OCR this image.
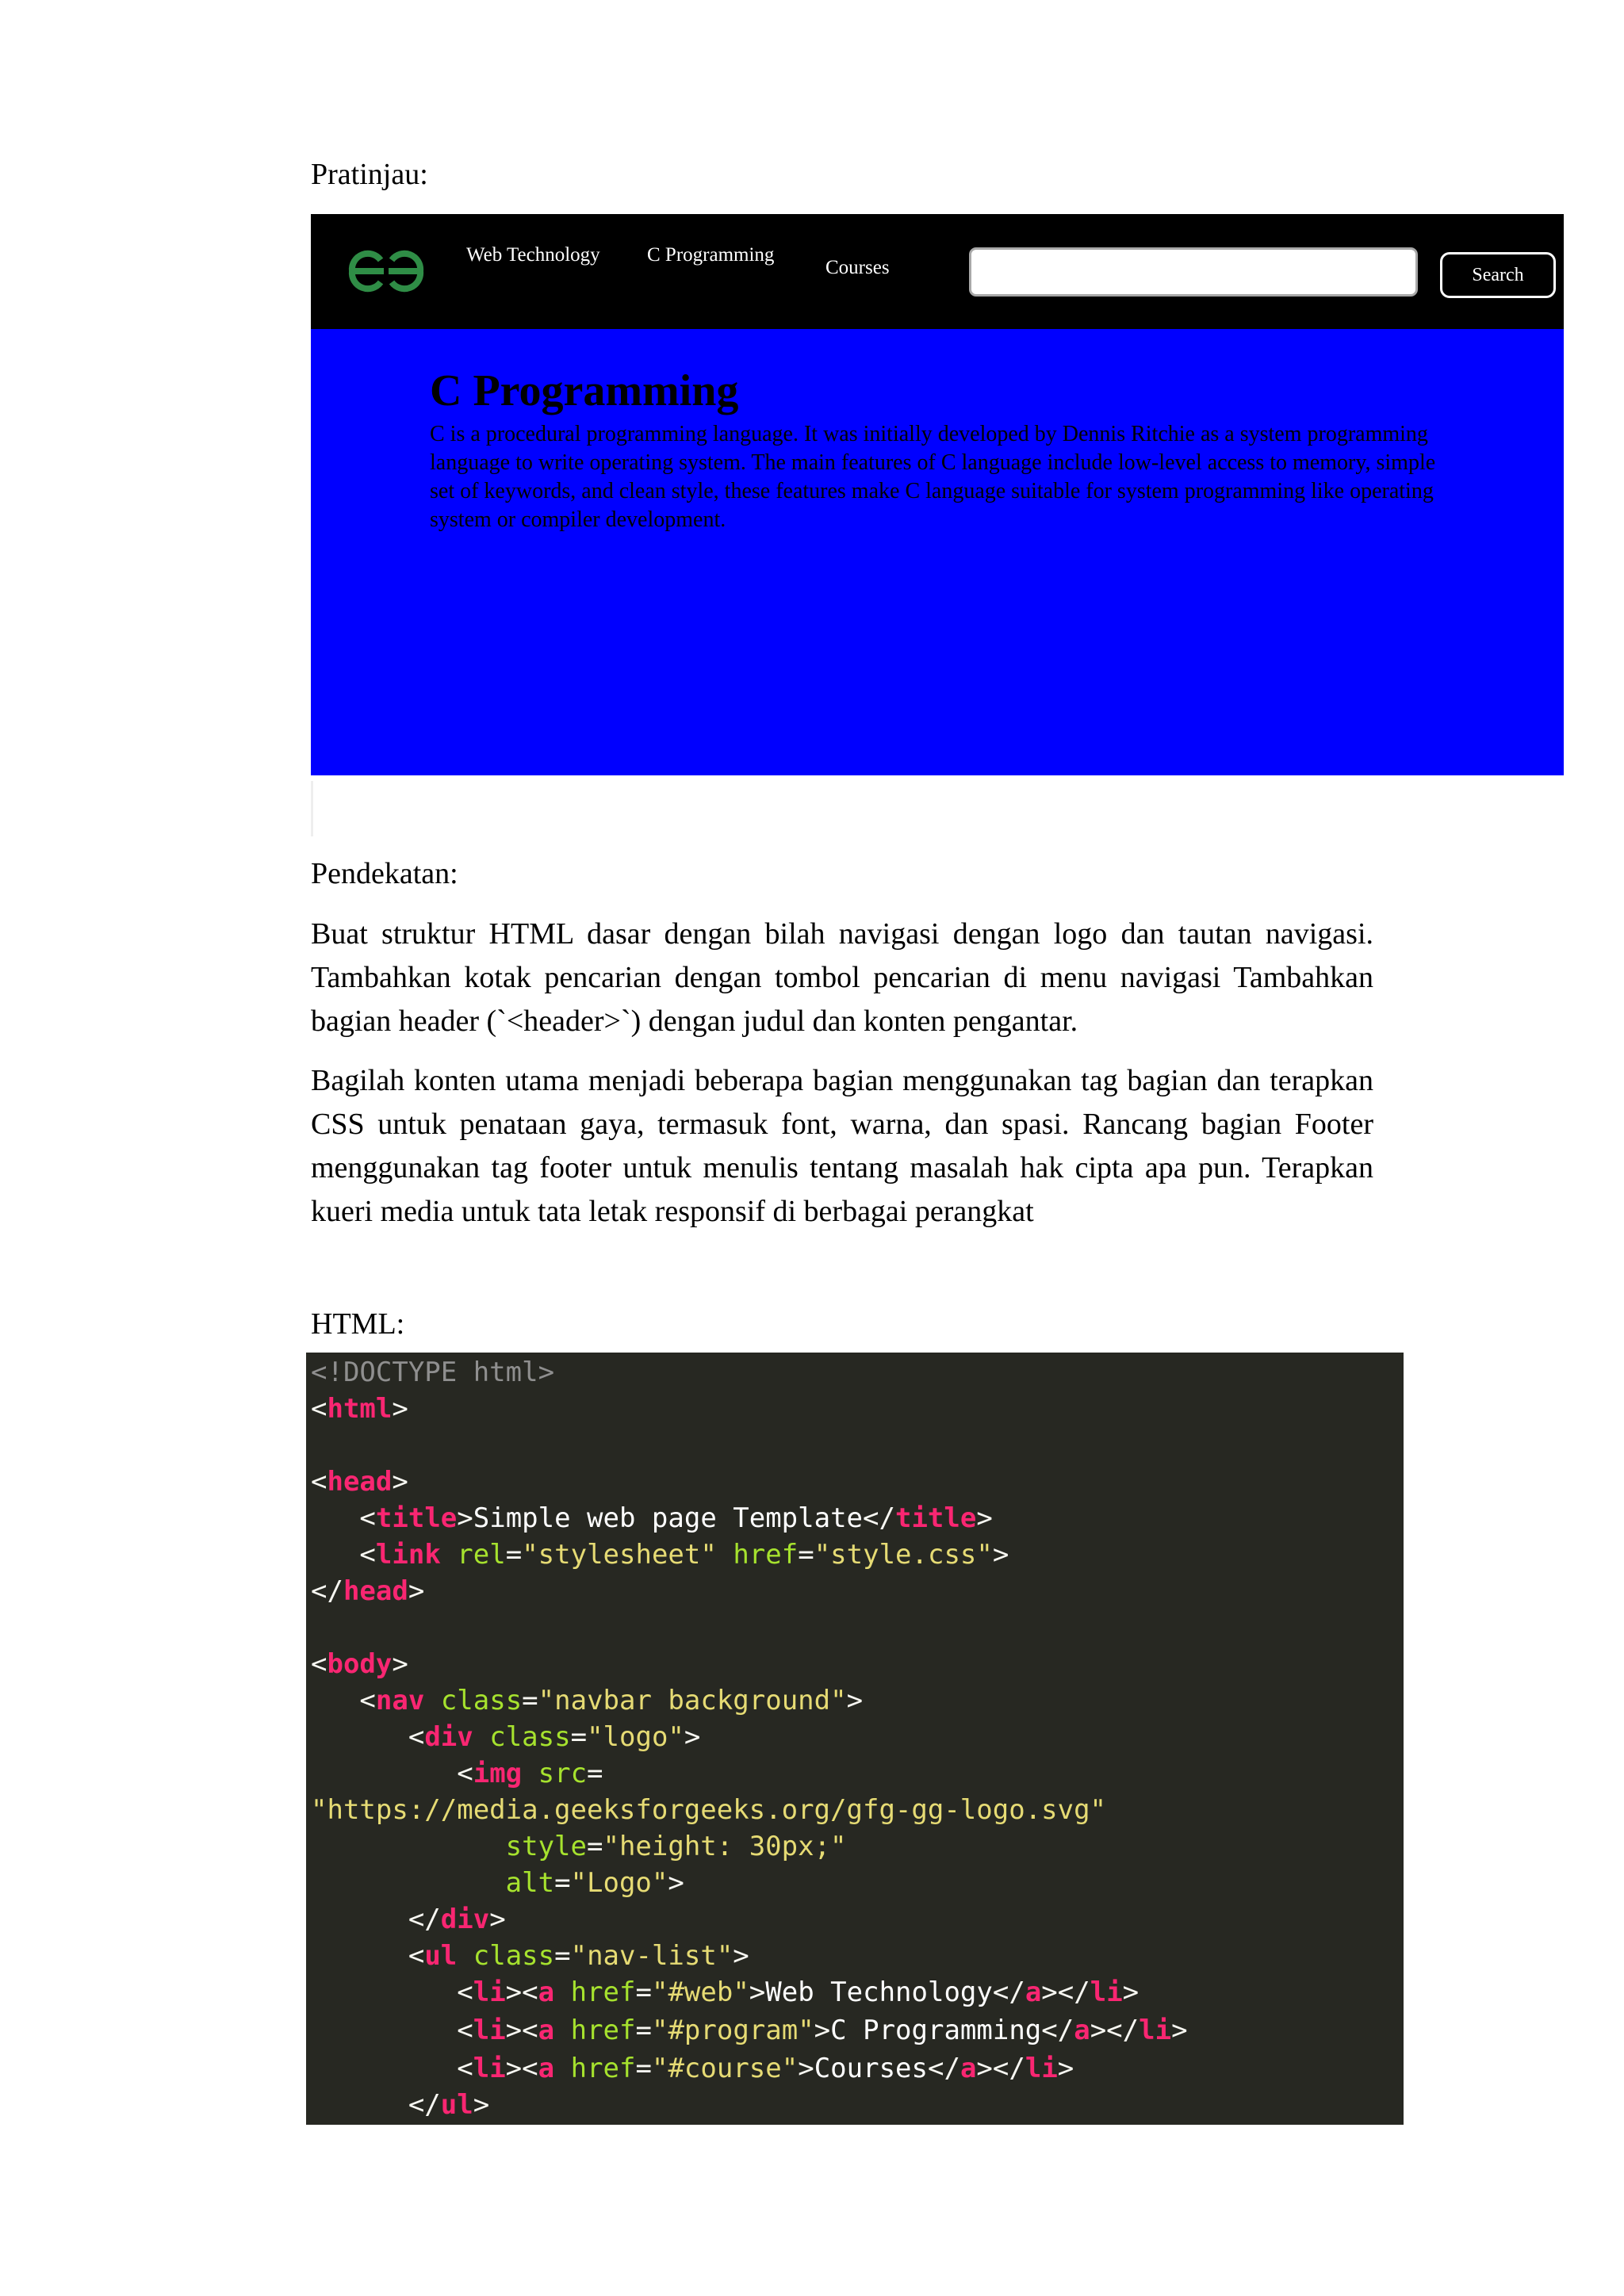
Pratinjau:
Web Technology C Programming
Courses	Search
C Programming
C is a procedural programming language. It was initially developed by Dennis Ritchie as a system programming language to write operating system. The main features of C language include low-level access to memory, simple set of keywords, and clean style, these features make C language suitable for system programming like operating system or compiler development.
Pendekatan:
Buat struktur HTML dasar dengan bilah navigasi dengan logo dan tautan navigasi. Tambahkan kotak pencarian dengan tombol pencarian di menu navigasi Tambahkan bagian header (`<header>`) dengan judul dan konten pengantar.
Bagilah konten utama menjadi beberapa bagian menggunakan tag bagian dan terapkan CSS untuk penataan gaya, termasuk font, warna, dan spasi. Rancang bagian Footer menggunakan tag footer untuk menulis tentang masalah hak cipta apa pun. Terapkan kueri media untuk tata letak responsif di berbagai perangkat
HTML:
<!DOCTYPE html>
<html>
<head>
<title>Simple web page Template</title>
<link rel="stylesheet" href="style.css">
</head>
<body>
<nav class="navbar background">
<div class="logo">
<img src=
"https://media.geeksforgeeks.org/gfg-gg-logo.svg"
style="height: 30px;"
alt="Logo">
</div>
<ul class="nav-list">
<li><a href="#web">Web Technology</a></li>
<li><a href="#program">C Programming</a></li>
<li><a href="#course">Courses</a></li>
</ul>
